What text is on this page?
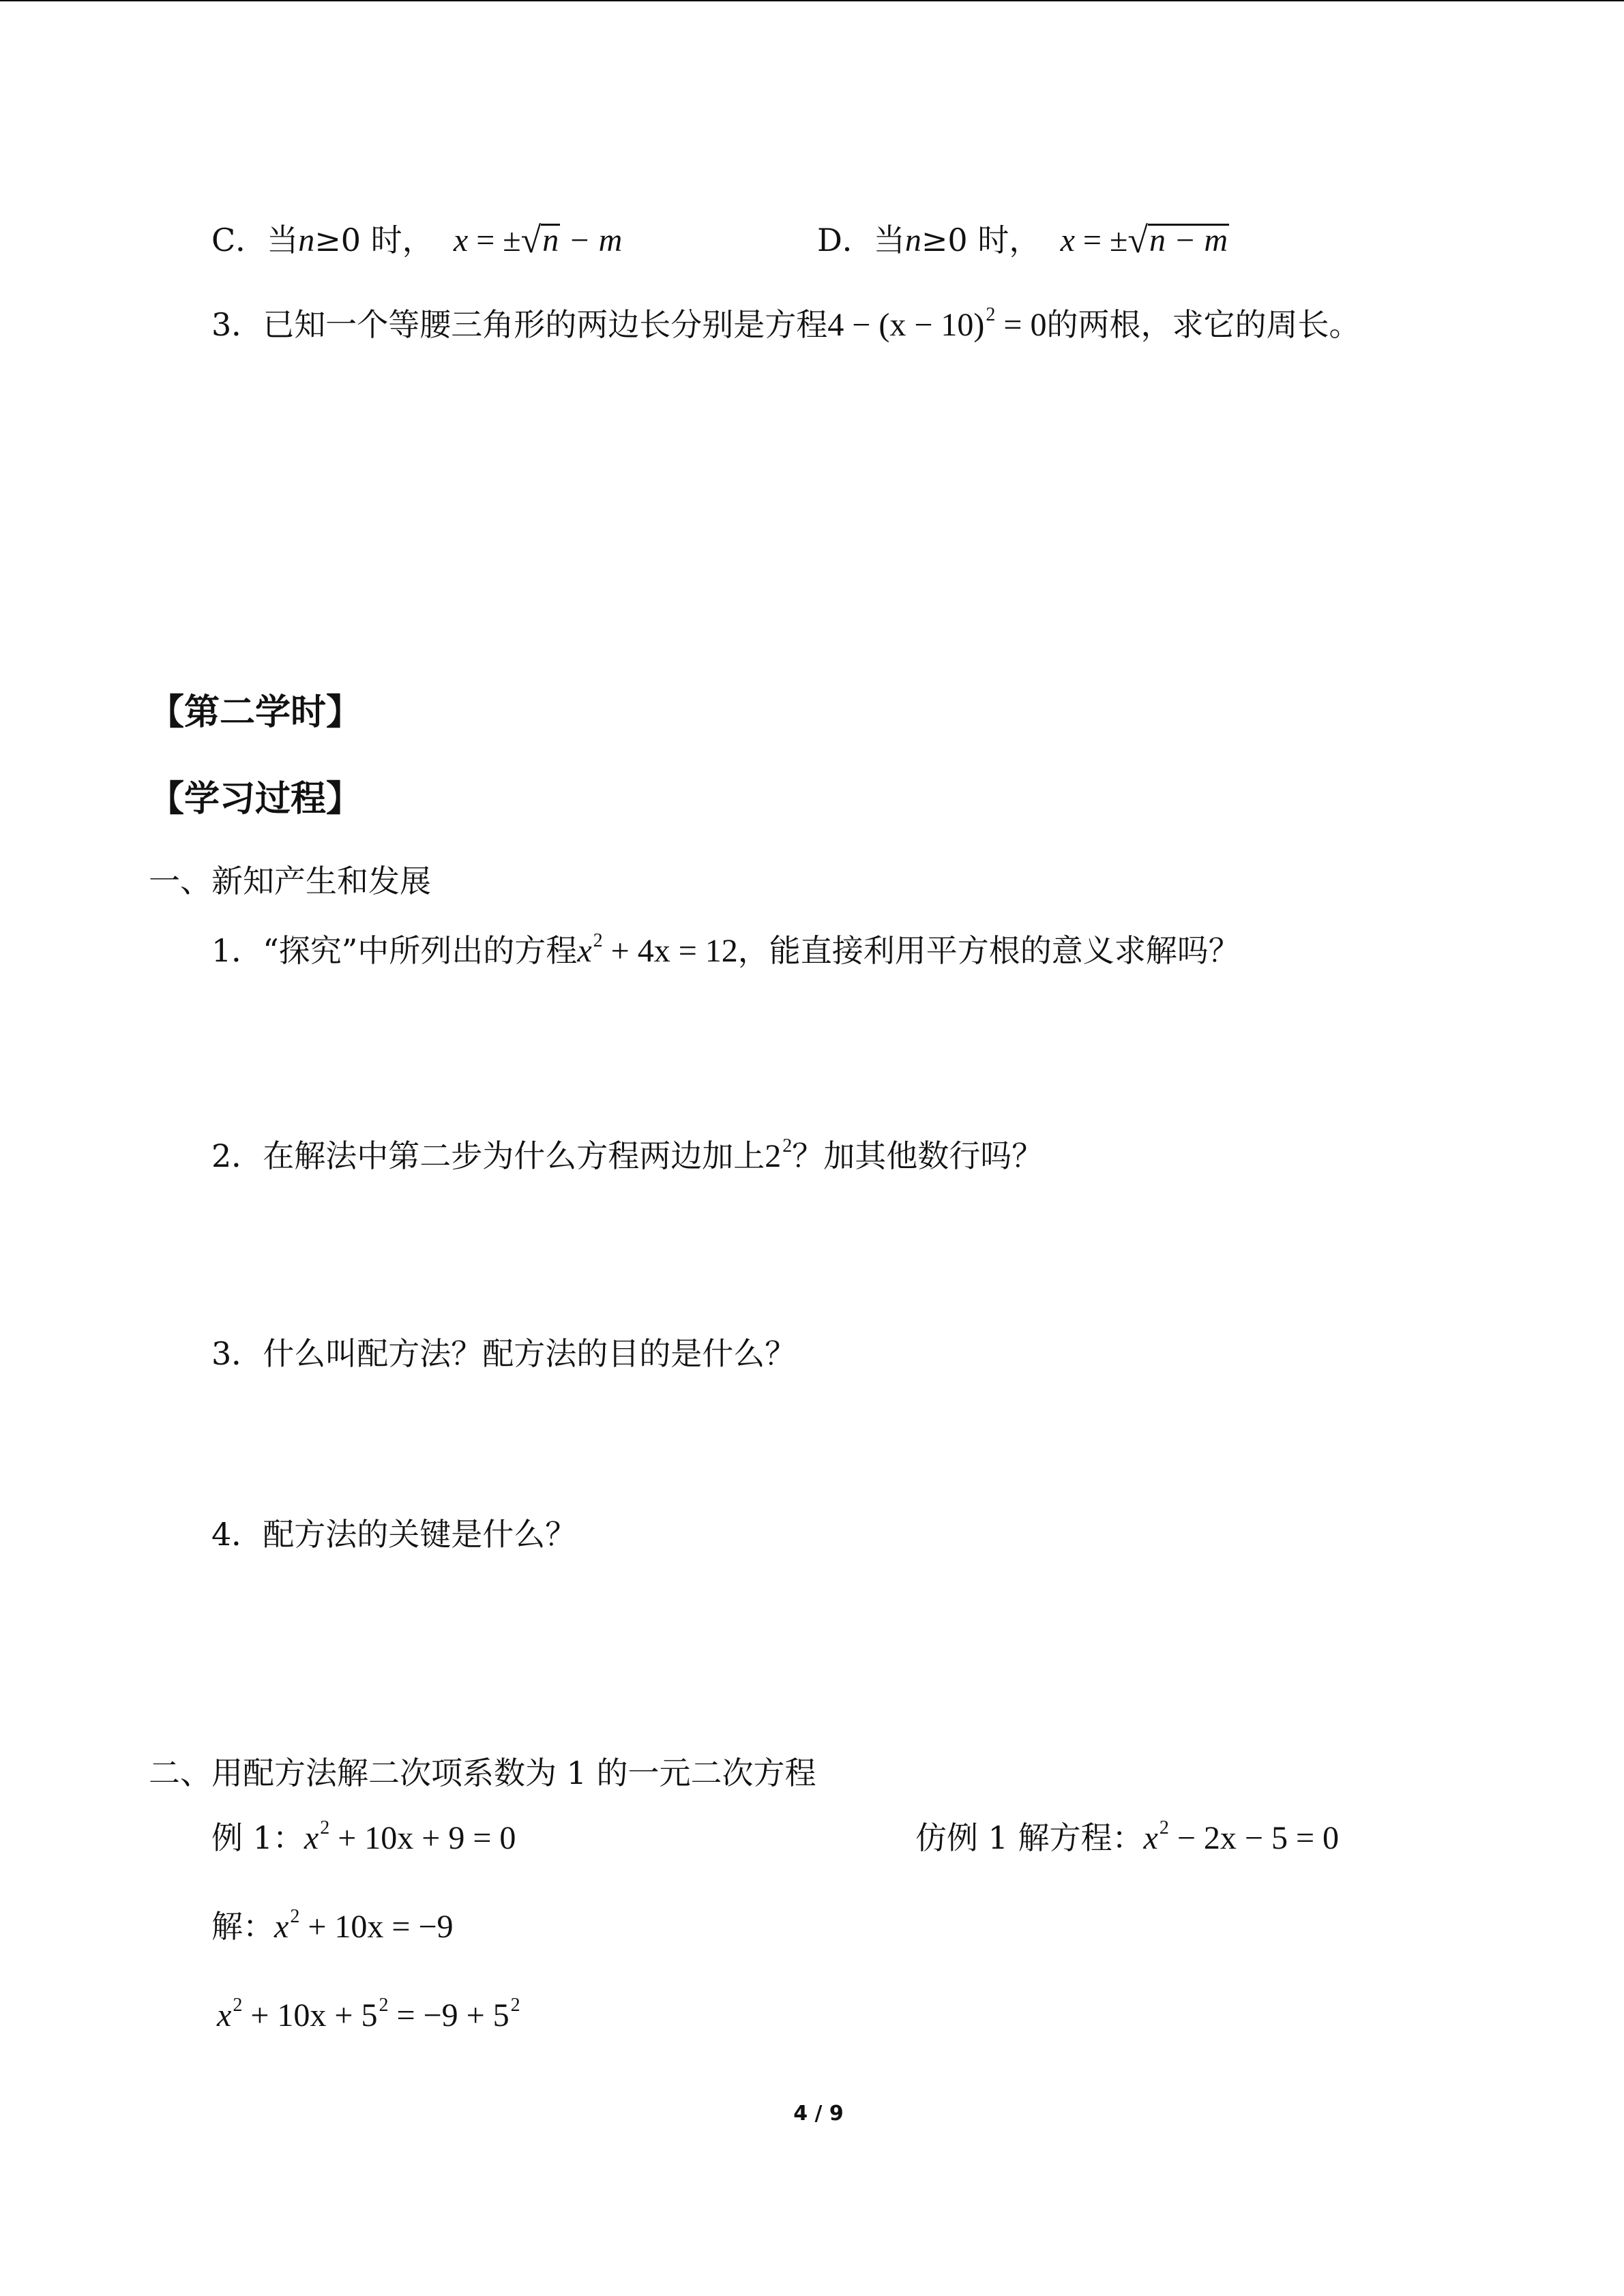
C．当n≥0 时， x = ±√n − m	D．当n≥0 时， x = ±√n − m
3．已知一个等腰三角形的两边长分别是方程$4 - (x - 10)^2 = 0$的两根，求它的周长。
【第二学时】
【学习过程】
一、新知产生和发展
1．“探究”中所列出的方程$x^2 + 4x = 12$，能直接利用平方根的意义求解吗？
2．在解法中第二步为什么方程两边加上$2^2$？加其他数行吗？
3．什么叫配方法？配方法的目的是什么？
4．配方法的关键是什么？
二、用配方法解二次项系数为 1 的一元二次方程
例 1：$x^2 + 10x + 9 = 0$	仿例 1 解方程：$x^2 - 2x - 5 = 0$
解：$x^2 + 10x = -9$
$x^2 + 10x + 5^2 = -9 + 5^2$
4 / 9
